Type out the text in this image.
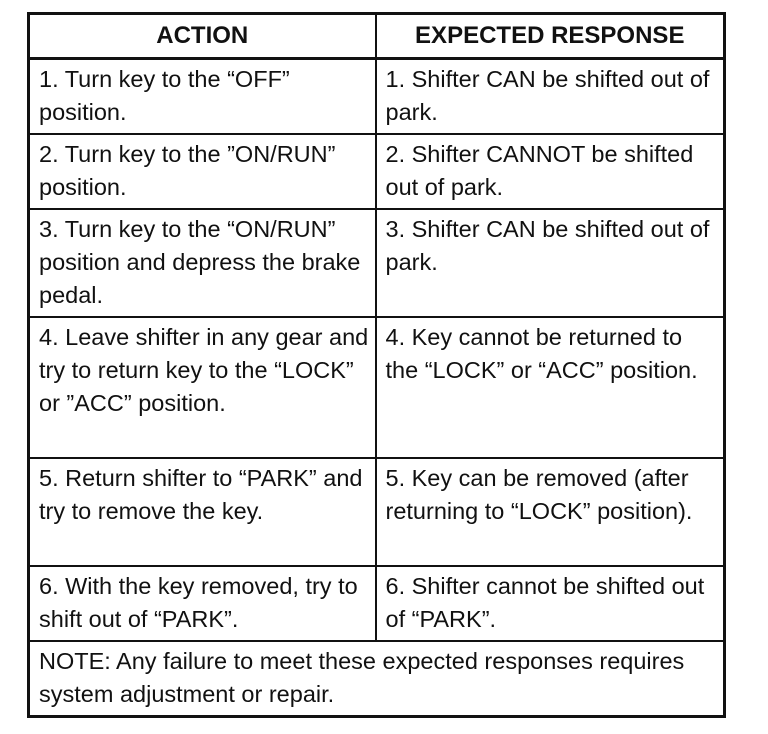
ACTION	EXPECTED RESPONSE
1. Turn key to the “OFF” position.	1. Shifter CAN be shifted out of park.
2. Turn key to the ”ON/RUN” position.	2. Shifter CANNOT be shifted out of park.
3. Turn key to the “ON/RUN” position and depress the brake pedal.	3. Shifter CAN be shifted out of park.
4. Leave shifter in any gear and try to return key to the “LOCK” or ”ACC” position.	4. Key cannot be returned to the “LOCK” or “ACC” position.
5. Return shifter to “PARK” and try to remove the key.	5. Key can be removed (after returning to “LOCK” position).
6. With the key removed, try to shift out of “PARK”.	6. Shifter cannot be shifted out of “PARK”.
NOTE: Any failure to meet these expected responses requires system adjustment or repair.	
